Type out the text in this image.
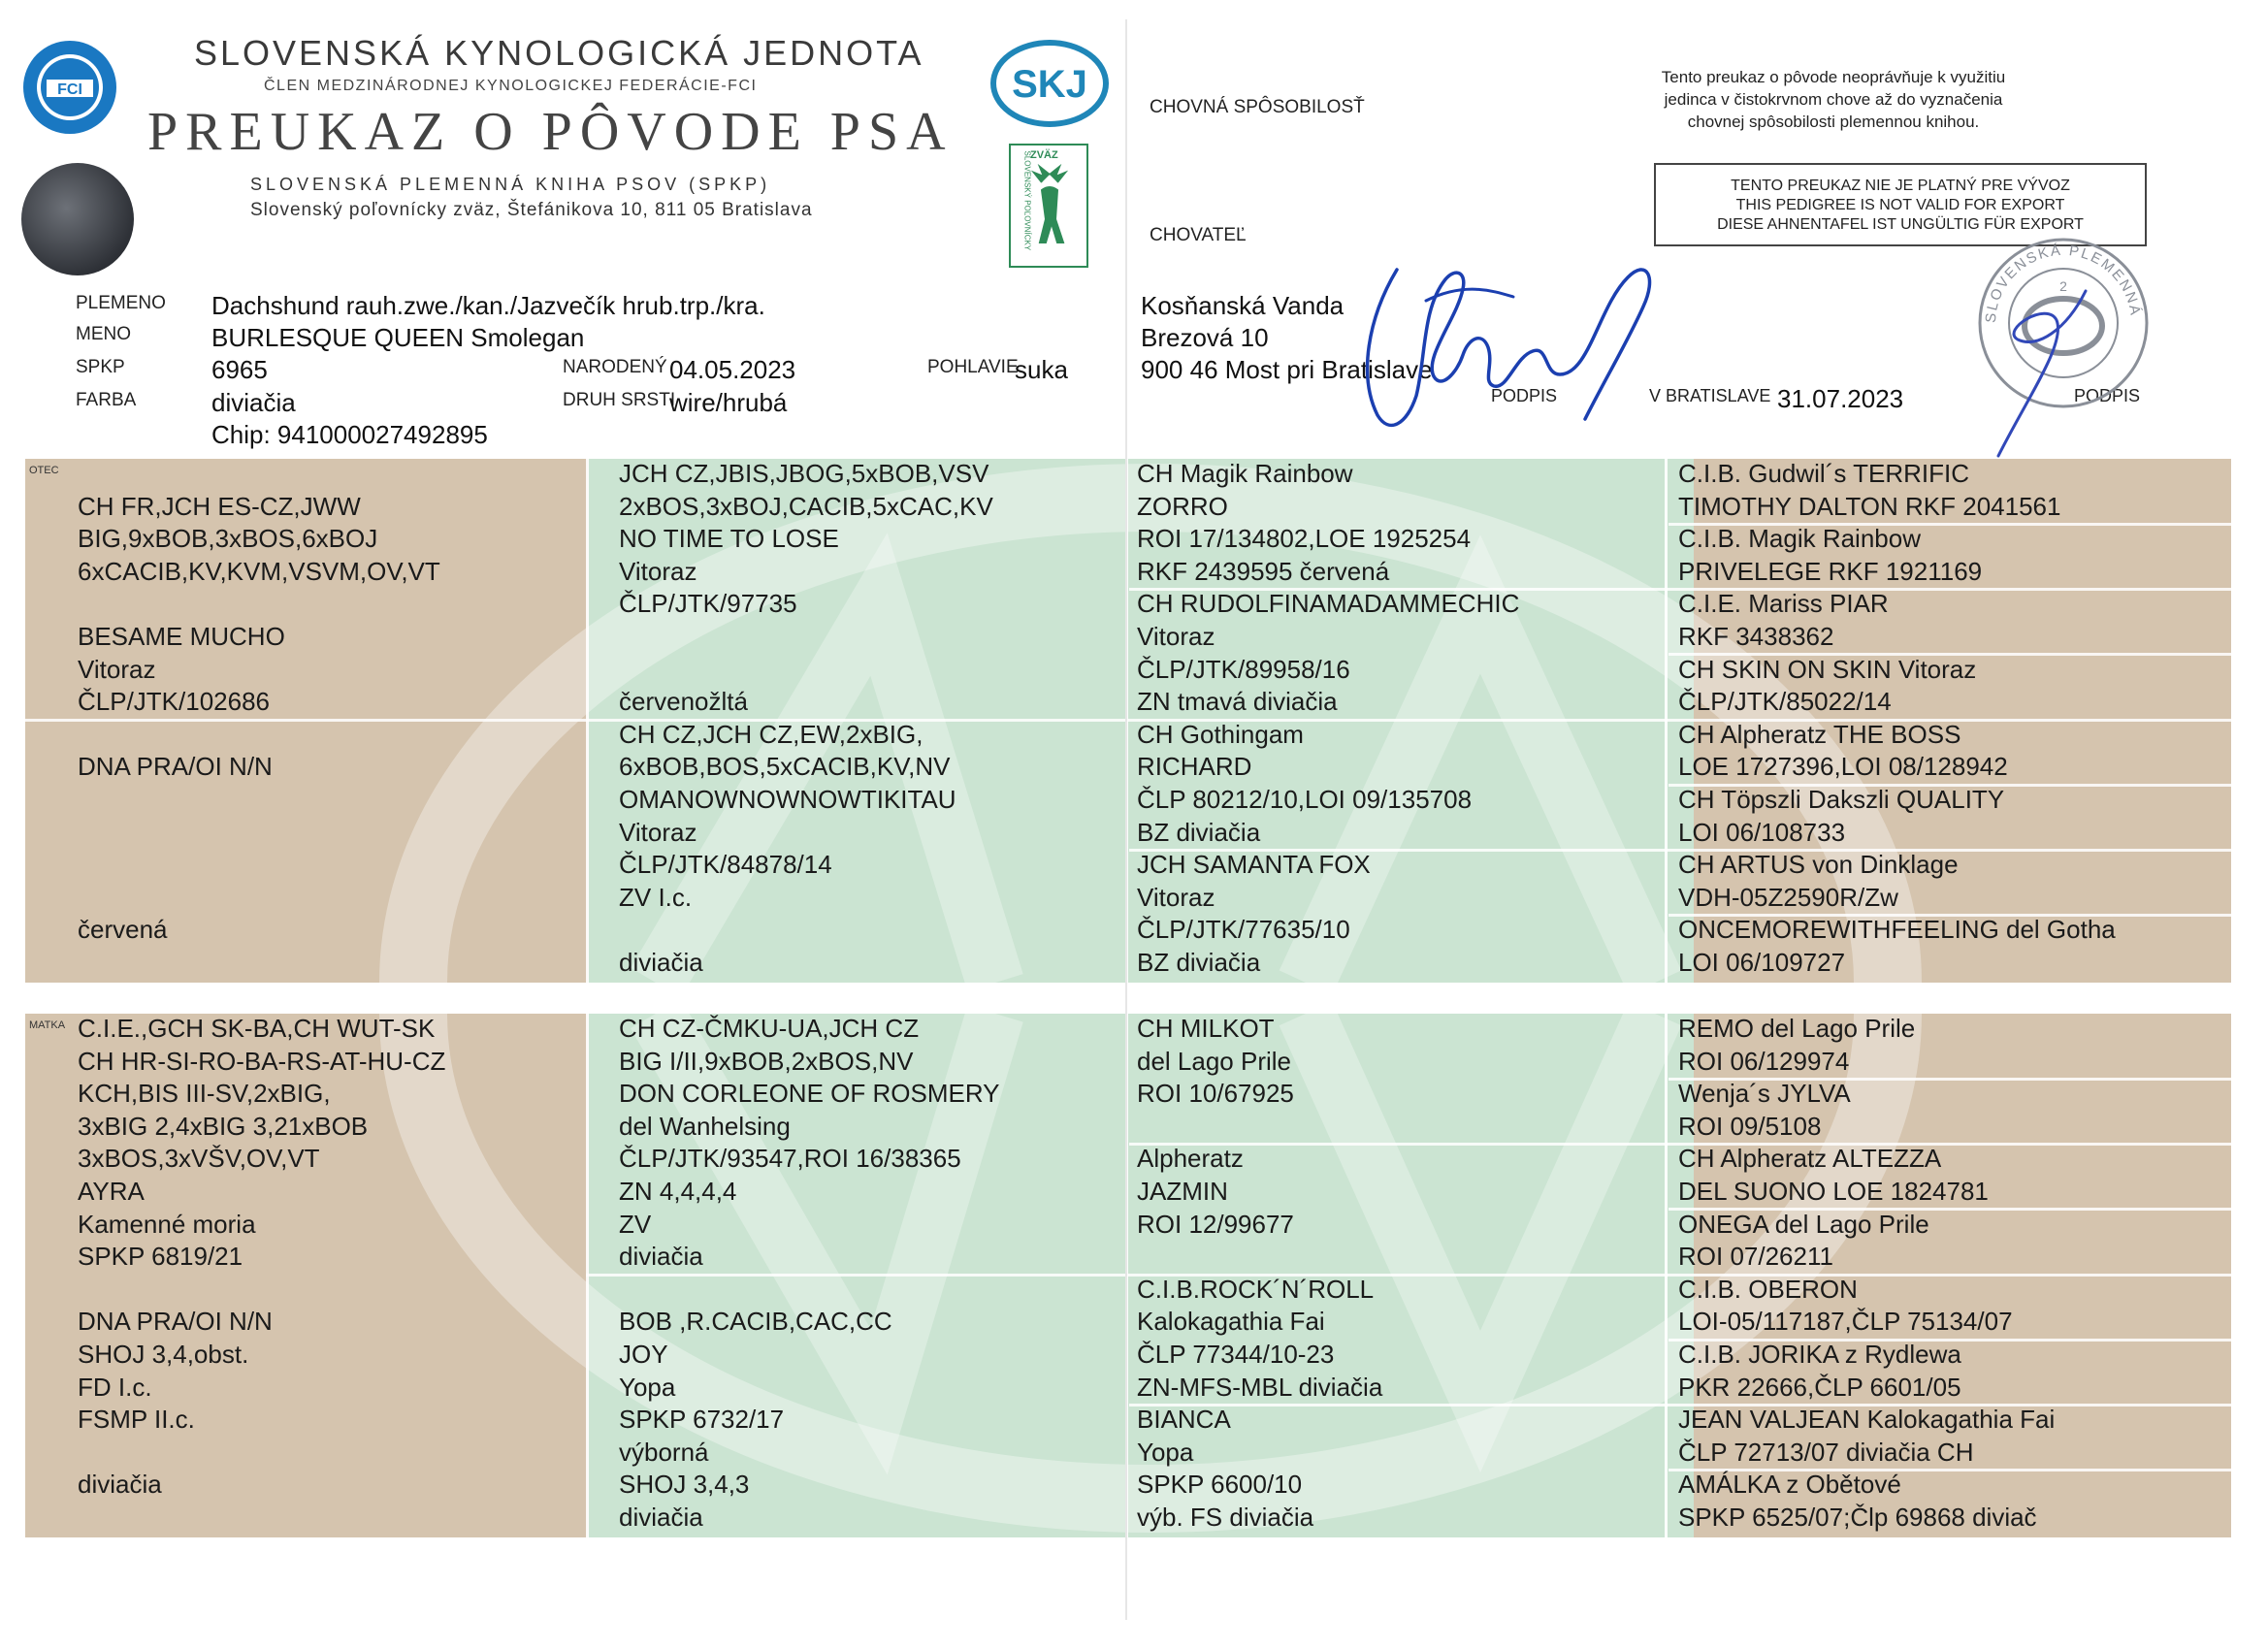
FCI
SLOVENSKÁ KYNOLOGICKÁ JEDNOTA
ČLEN MEDZINÁRODNEJ KYNOLOGICKEJ FEDERÁCIE-FCI
PREUKAZ O PÔVODE PSA
SLOVENSKÁ PLEMENNÁ KNIHA PSOV (SPKP)
Slovenský poľovnícky zväz, Štefánikova 10, 811 05 Bratislava
SKJ
ZVÄZ
SLOVENSKÝ POĽOVNÍCKY
PLEMENO
MENO
SPKP
FARBA
Dachshund rauh.zwe./kan./Jazvečík hrub.trp./kra.
BURLESQUE QUEEN Smolegan
6965
diviačia
Chip: 941000027492895
NARODENÝ 04.05.2023
DRUH SRSTI
wire/hrubá
POHLAVIE
suka
CHOVNÁ SPÔSOBILOSŤ
CHOVATEĽ
Tento preukaz o pôvode neoprávňuje k využitiu
jedinca v čistokrvnom chove až do vyznačenia
chovnej spôsobilosti plemennou knihou.
TENTO PREUKAZ NIE JE PLATNÝ PRE VÝVOZ
THIS PEDIGREE IS NOT VALID FOR EXPORT
DIESE AHNENTAFEL IST UNGÜLTIG FÜR EXPORT
Kosňanská Vanda
Brezová 10
900 46 Most pri Bratislave
PODPIS	V BRATISLAVE 31.07.2023	PODPIS
SLOVENSKÁ PLEMENNÁ
2
OTEC
CH FR,JCH ES-CZ,JWW
BIG,9xBOB,3xBOS,6xBOJ
6xCACIB,KV,KVM,VSVM,OV,VT
BESAME MUCHO
Vitoraz
ČLP/JTK/102686
DNA PRA/OI N/N
červená
JCH CZ,JBIS,JBOG,5xBOB,VSV
2xBOS,3xBOJ,CACIB,5xCAC,KV
NO TIME TO LOSE
Vitoraz
ČLP/JTK/97735
červenožltá
CH CZ,JCH CZ,EW,2xBIG,
6xBOB,BOS,5xCACIB,KV,NV
OMANOWNOWNOWTIKITAU
Vitoraz
ČLP/JTK/84878/14
ZV I.c.
diviačia
CH Magik Rainbow
ZORRO
ROI 17/134802,LOE 1925254
RKF 2439595 červená
CH RUDOLFINAMADAMMECHIC
Vitoraz
ČLP/JTK/89958/16
ZN tmavá diviačia
CH Gothingam
RICHARD
ČLP 80212/10,LOI 09/135708
BZ diviačia
JCH SAMANTA FOX
Vitoraz
ČLP/JTK/77635/10
BZ diviačia
C.I.B. Gudwil´s TERRIFIC
TIMOTHY DALTON RKF 2041561
C.I.B. Magik Rainbow
PRIVELEGE RKF 1921169
C.I.E. Mariss PIAR
RKF 3438362
CH SKIN ON SKIN Vitoraz
ČLP/JTK/85022/14
CH Alpheratz THE BOSS
LOE 1727396,LOI 08/128942
CH Töpszli Dakszli QUALITY
LOI 06/108733
CH ARTUS von Dinklage
VDH-05Z2590R/Zw
ONCEMOREWITHFEELING del Gotha
LOI 06/109727
MATKA C.I.E.,GCH SK-BA,CH WUT-SK
CH HR-SI-RO-BA-RS-AT-HU-CZ
KCH,BIS III-SV,2xBIG,
3xBIG 2,4xBIG 3,21xBOB
3xBOS,3xVŠV,OV,VT
AYRA
Kamenné moria
SPKP 6819/21
DNA PRA/OI N/N
SHOJ 3,4,obst.
FD I.c.
FSMP II.c.
diviačia
CH CZ-ČMKU-UA,JCH CZ
BIG I/II,9xBOB,2xBOS,NV
DON CORLEONE OF ROSMERY
del Wanhelsing
ČLP/JTK/93547,ROI 16/38365
ZN 4,4,4,4
ZV
diviačia
BOB ,R.CACIB,CAC,CC
JOY
Yopa
SPKP 6732/17
výborná
SHOJ 3,4,3
diviačia
CH MILKOT
del Lago Prile
ROI 10/67925
Alpheratz
JAZMIN
ROI 12/99677
C.I.B.ROCK´N´ROLL
Kalokagathia Fai
ČLP 77344/10-23
ZN-MFS-MBL diviačia
BIANCA
Yopa
SPKP 6600/10
výb. FS diviačia
REMO del Lago Prile
ROI 06/129974
Wenja´s JYLVA
ROI 09/5108
CH Alpheratz ALTEZZA
DEL SUONO LOE 1824781
ONEGA del Lago Prile
ROI 07/26211
C.I.B. OBERON
LOI-05/117187,ČLP 75134/07
C.I.B. JORIKA z Rydlewa
PKR 22666,ČLP 6601/05
JEAN VALJEAN Kalokagathia Fai
ČLP 72713/07 diviačia CH
AMÁLKA z Obětové
SPKP 6525/07;Člp 69868 diviač
